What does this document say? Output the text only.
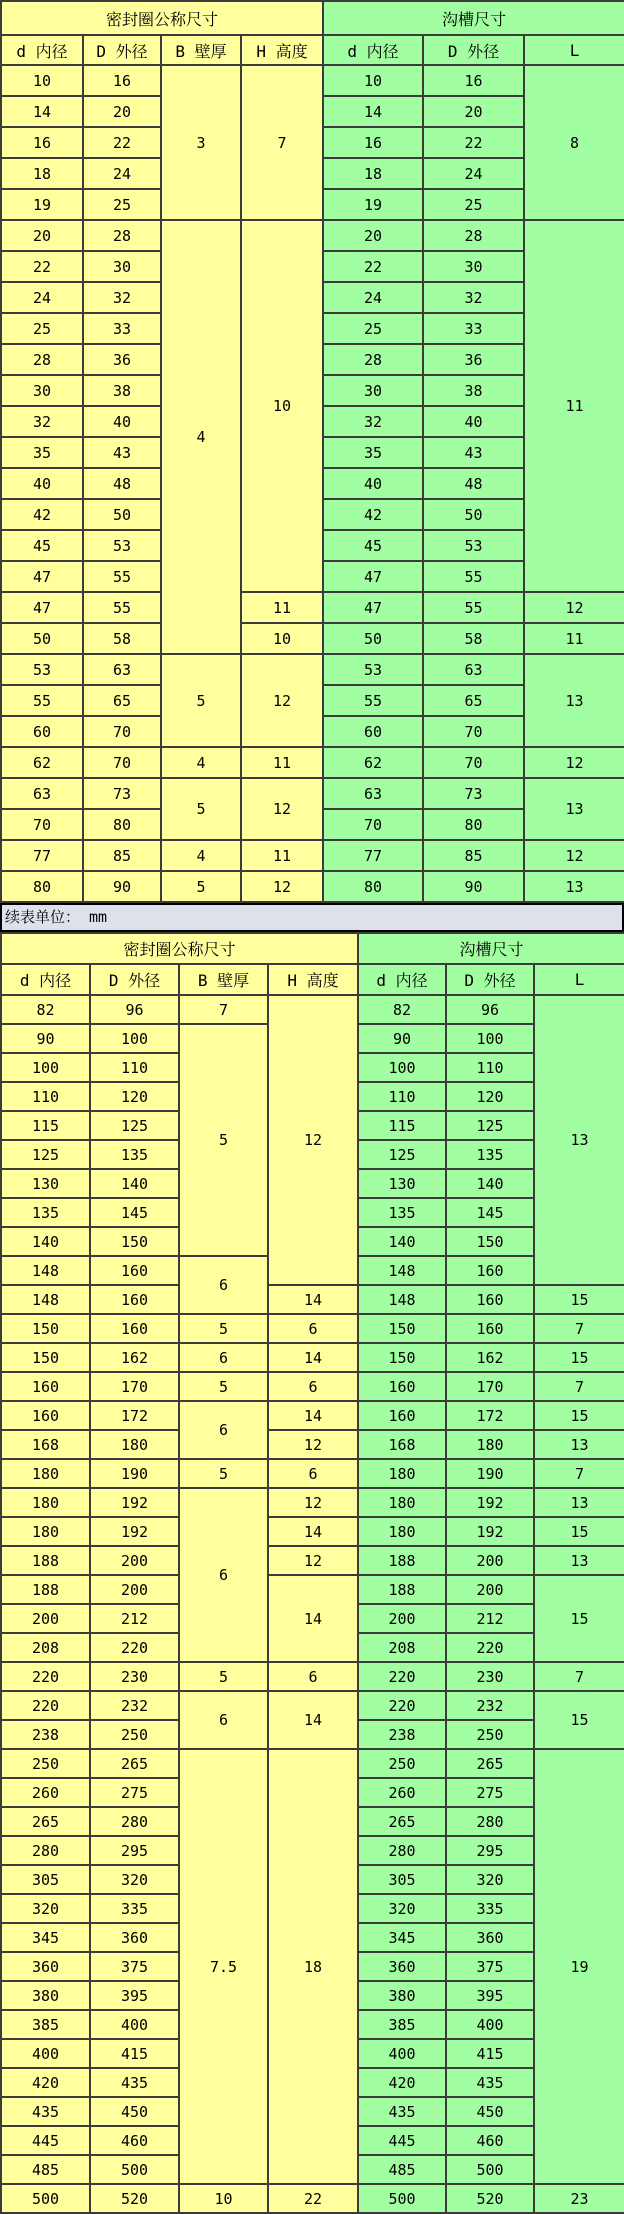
密封圈公称尺寸				沟槽尺寸		
d 内径	D 外径	B 壁厚	H 高度	d 内径	D 外径	L
10	16	3	7	10	16	8
14	20			14	20	
16	22			16	22	
18	24			18	24	
19	25			19	25	
20	28	4	10	20	28	11
22	30			22	30	
24	32			24	32	
25	33			25	33	
28	36			28	36	
30	38			30	38	
32	40			32	40	
35	43			35	43	
40	48			40	48	
42	50			42	50	
45	53			45	53	
47	55			47	55	
47	55		11	47	55	12
50	58		10	50	58	11
53	63	5	12	53	63	13
55	65			55	65	
60	70			60	70	
62	70	4	11	62	70	12
63	73	5	12	63	73	13
70	80			70	80	
77	85	4	11	77	85	12
80	90	5	12	80	90	13
续表单位： mm
密封圈公称尺寸				沟槽尺寸		
d 内径	D 外径	B 壁厚	H 高度	d 内径	D 外径	L
82	96	7	12	82	96	13
90	100	5		90	100	
100	110			100	110	
110	120			110	120	
115	125			115	125	
125	135			125	135	
130	140			130	140	
135	145			135	145	
140	150			140	150	
148	160	6		148	160	
148	160		14	148	160	15
150	160	5	6	150	160	7
150	162	6	14	150	162	15
160	170	5	6	160	170	7
160	172	6	14	160	172	15
168	180		12	168	180	13
180	190	5	6	180	190	7
180	192	6	12	180	192	13
180	192		14	180	192	15
188	200		12	188	200	13
188	200		14	188	200	15
200	212			200	212	
208	220			208	220	
220	230	5	6	220	230	7
220	232	6	14	220	232	15
238	250			238	250	
250	265	7.5	18	250	265	19
260	275			260	275	
265	280			265	280	
280	295			280	295	
305	320			305	320	
320	335			320	335	
345	360			345	360	
360	375			360	375	
380	395			380	395	
385	400			385	400	
400	415			400	415	
420	435			420	435	
435	450			435	450	
445	460			445	460	
485	500			485	500	
500	520	10	22	500	520	23
